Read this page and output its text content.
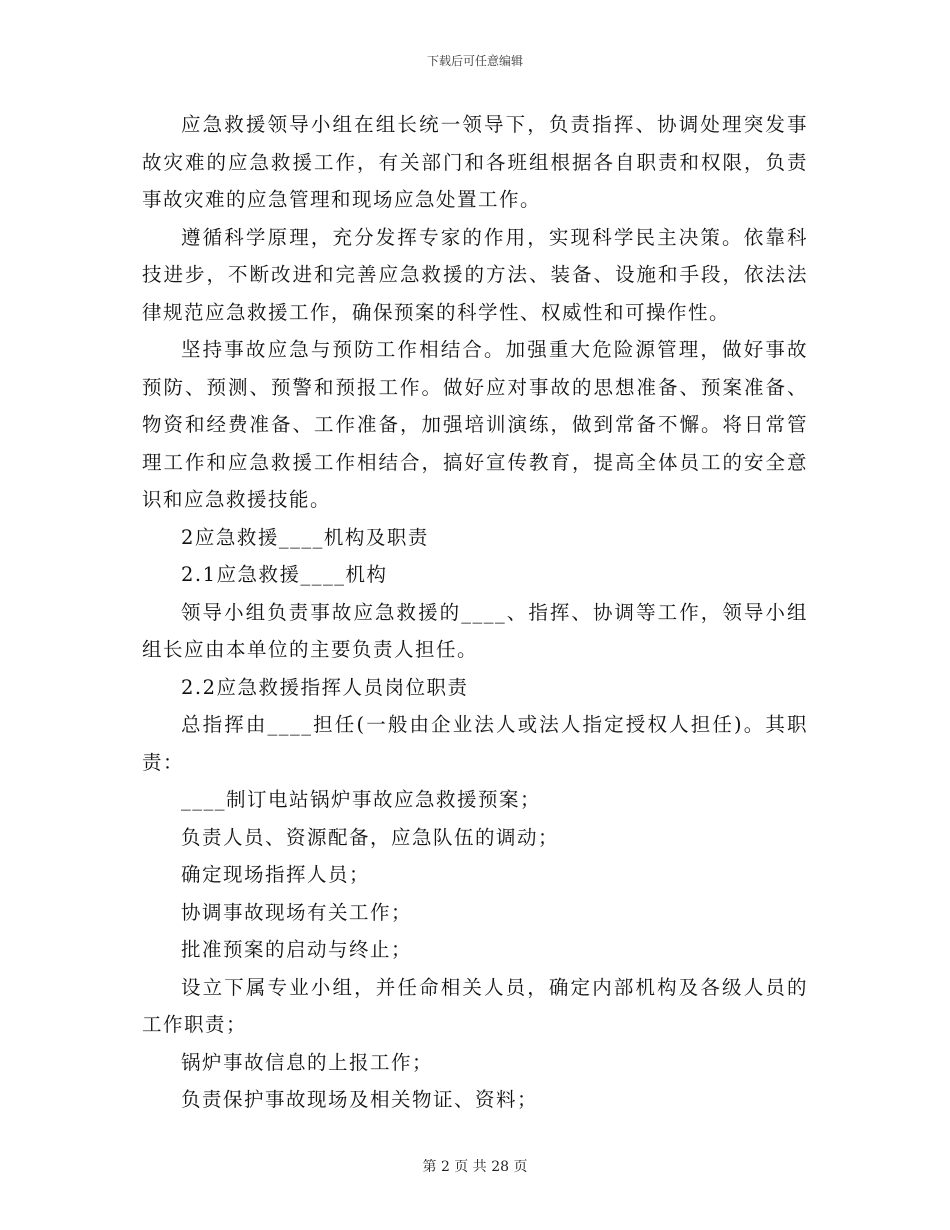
下载后可任意编辑

应急救援领导小组在组长统一领导下，负责指挥、协调处理突发事故灾难的应急救援工作，有关部门和各班组根据各自职责和权限，负责事故灾难的应急管理和现场应急处置工作。

遵循科学原理，充分发挥专家的作用，实现科学民主决策。依靠科技进步，不断改进和完善应急救援的方法、装备、设施和手段，依法法律规范应急救援工作，确保预案的科学性、权威性和可操作性。

坚持事故应急与预防工作相结合。加强重大危险源管理，做好事故预防、预测、预警和预报工作。做好应对事故的思想准备、预案准备、物资和经费准备、工作准备，加强培训演练，做到常备不懈。将日常管理工作和应急救援工作相结合，搞好宣传教育，提高全体员工的安全意识和应急救援技能。

2应急救援____机构及职责

2.1应急救援____机构

领导小组负责事故应急救援的____、指挥、协调等工作，领导小组组长应由本单位的主要负责人担任。

2.2应急救援指挥人员岗位职责

总指挥由____担任(一般由企业法人或法人指定授权人担任)。其职责：

____制订电站锅炉事故应急救援预案；

负责人员、资源配备，应急队伍的调动；

确定现场指挥人员；

协调事故现场有关工作；

批准预案的启动与终止；

设立下属专业小组，并任命相关人员，确定内部机构及各级人员的工作职责；

锅炉事故信息的上报工作；

负责保护事故现场及相关物证、资料；

第 2 页 共 28 页
